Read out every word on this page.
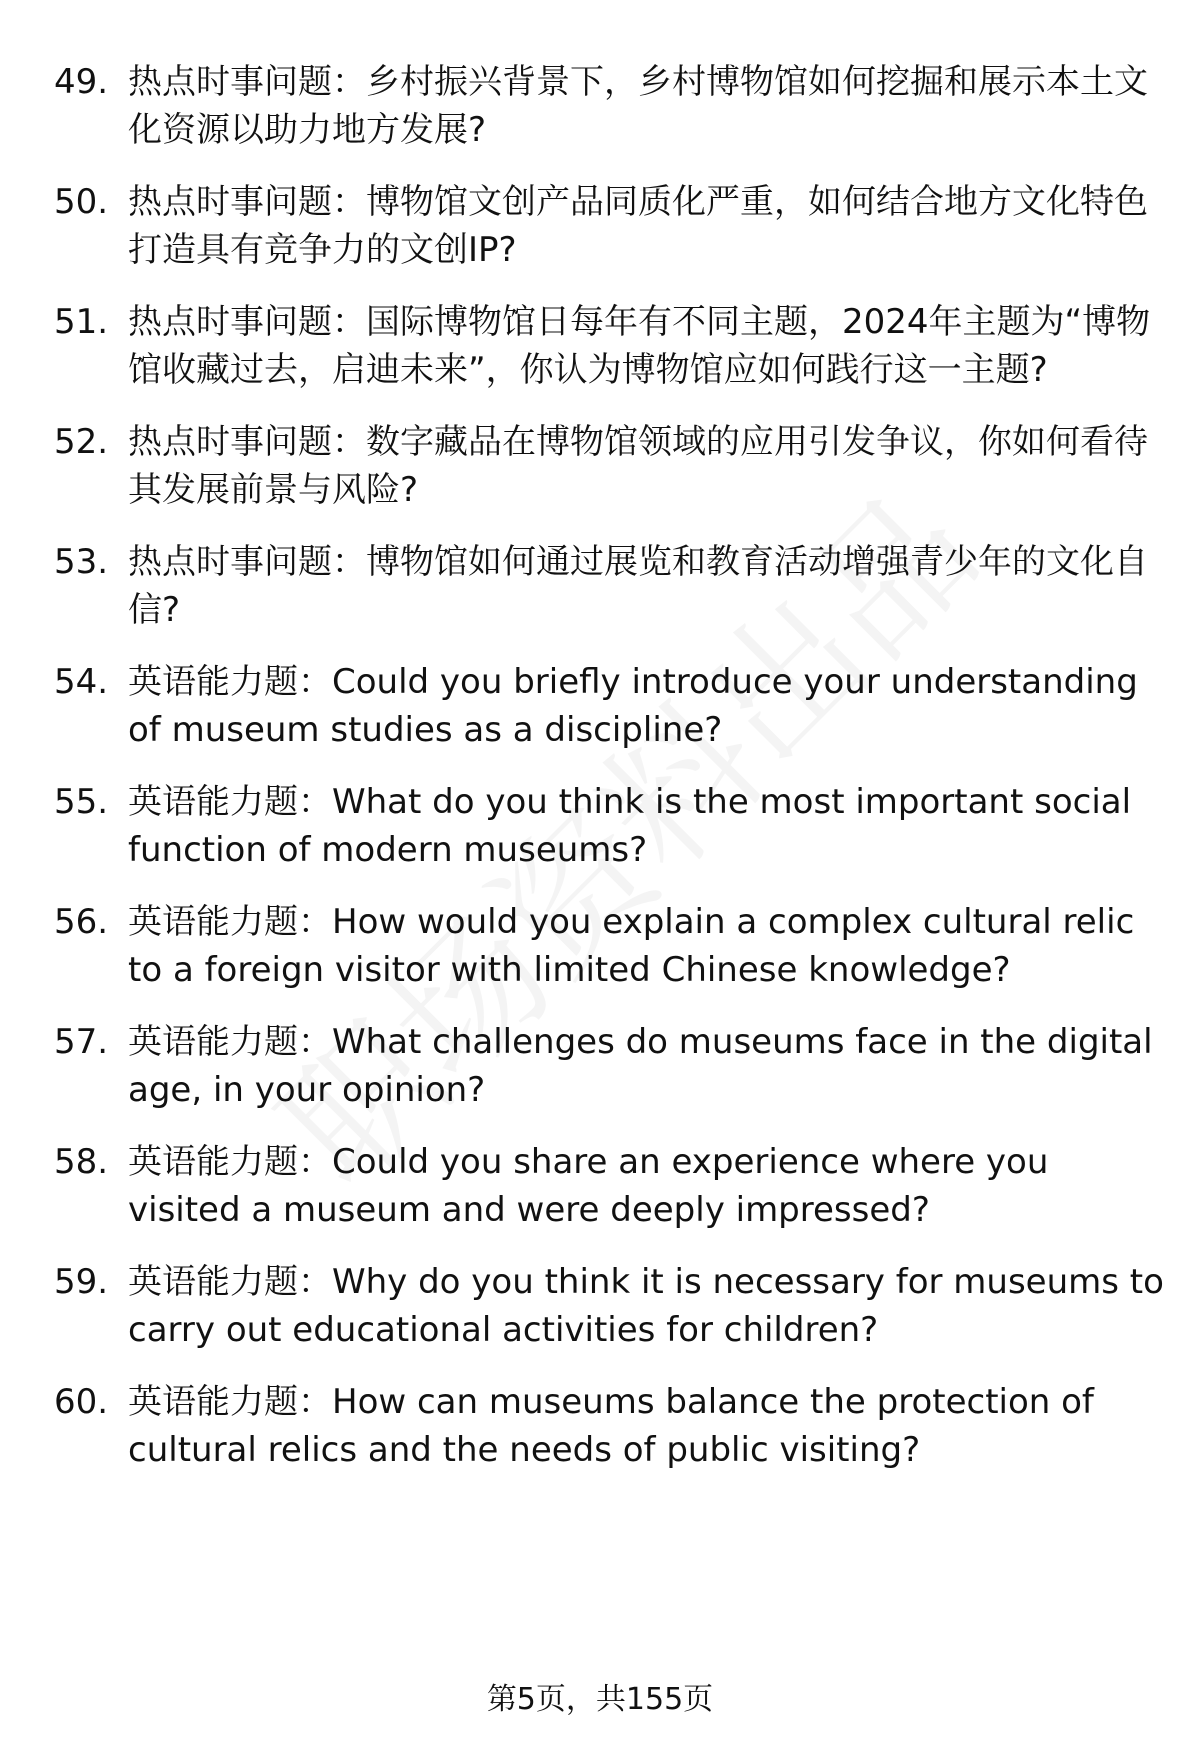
49. 热点时事问题：乡村振兴背景下，乡村博物馆如何挖掘和展示本土文化资源以助力地方发展?
50. 热点时事问题：博物馆文创产品同质化严重，如何结合地方文化特色打造具有竞争力的文创IP?
51. 热点时事问题：国际博物馆日每年有不同主题，2024年主题为“博物馆收藏过去，启迪未来”，你认为博物馆应如何践行这一主题?
52. 热点时事问题：数字藏品在博物馆领域的应用引发争议，你如何看待其发展前景与风险?
53. 热点时事问题：博物馆如何通过展览和教育活动增强青少年的文化自信?
54. 英语能力题：Could you briefly introduce your understanding of museum studies as a discipline?
55. 英语能力题：What do you think is the most important social function of modern museums?
56. 英语能力题：How would you explain a complex cultural relic to a foreign visitor with limited Chinese knowledge?
57. 英语能力题：What challenges do museums face in the digital age, in your opinion?
58. 英语能力题：Could you share an experience where you visited a museum and were deeply impressed?
59. 英语能力题：Why do you think it is necessary for museums to carry out educational activities for children?
60. 英语能力题：How can museums balance the protection of cultural relics and the needs of public visiting?
第5页，共155页
